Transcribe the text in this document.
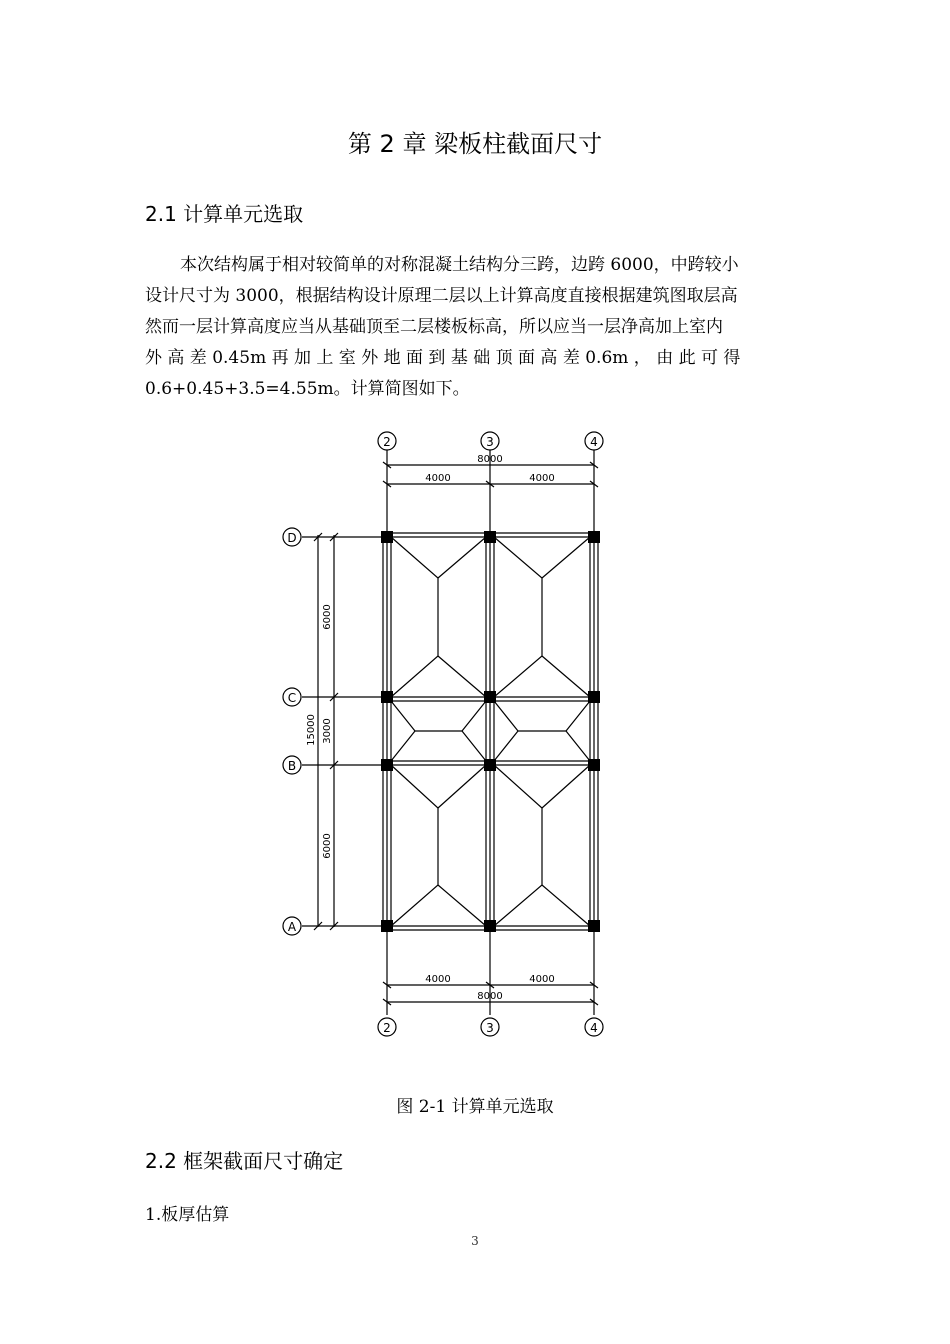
第 2 章 梁板柱截面尺寸
2.1 计算单元选取
本次结构属于相对较简单的对称混凝土结构分三跨，边跨 6000，中跨较小
设计尺寸为 3000，根据结构设计原理二层以上计算高度直接根据建筑图取层高
然而一层计算高度应当从基础顶至二层楼板标高，所以应当一层净高加上室内
外 高 差 0.45m 再 加 上 室 外 地 面 到 基 础 顶 面 高 差 0.6m ， 由 此 可 得
0.6+0.45+3.5=4.55m。计算简图如下。
2	3	4
2	3	4
D
C
B
A
8000
4000	4000
4000	4000
8000
15000
6000
3000
6000

图 2-1 计算单元选取

2.2 框架截面尺寸确定

1.板厚估算

3
